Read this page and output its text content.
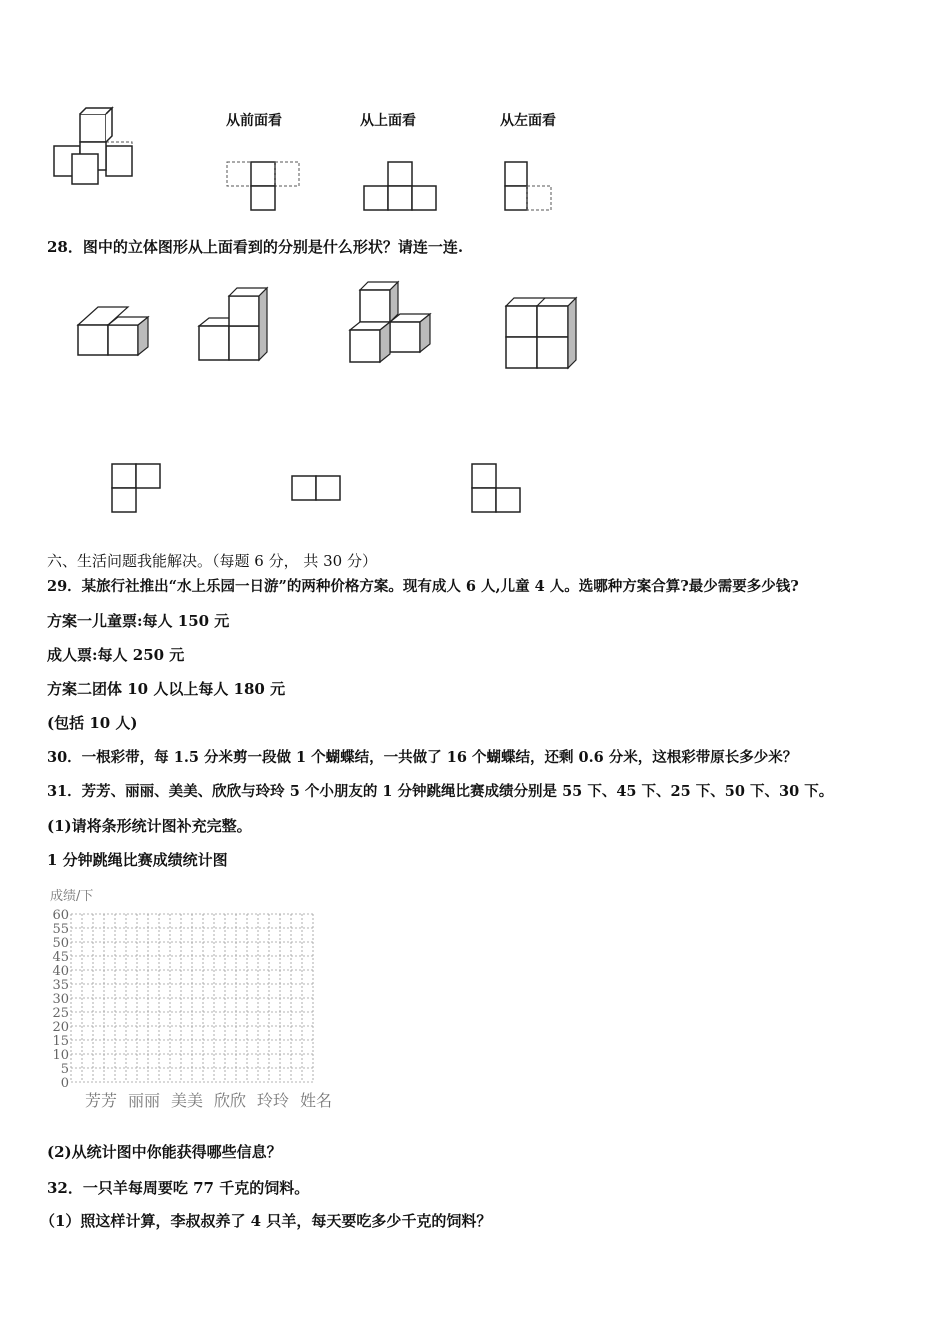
从前面看	从上面看	从左面看
28．图中的立体图形从上面看到的分别是什么形状？请连一连.
六、生活问题我能解决。（每题 6 分， 共 30 分）
29．某旅行社推出“水上乐园一日游”的两种价格方案。现有成人 6 人,儿童 4 人。选哪种方案合算?最少需要多少钱?
方案一儿童票:每人 150 元
成人票:每人 250 元
方案二团体 10 人以上每人 180 元
(包括 10 人)
30．一根彩带，每 1.5 分米剪一段做 1 个蝴蝶结，一共做了 16 个蝴蝶结，还剩 0.6 分米，这根彩带原长多少米？
31．芳芳、丽丽、美美、欣欣与玲玲 5 个小朋友的 1 分钟跳绳比赛成绩分别是 55 下、45 下、25 下、50 下、30 下。
(1)请将条形统计图补充完整。
1 分钟跳绳比赛成绩统计图
成绩/下
0
5
10
15
20
25
30
35
40
45
50
55
60
芳芳 丽丽 美美 欣欣 玲玲 姓名
(2)从统计图中你能获得哪些信息？
32．一只羊每周要吃 77 千克的饲料。
（1）照这样计算，李叔叔养了 4 只羊，每天要吃多少千克的饲料？
